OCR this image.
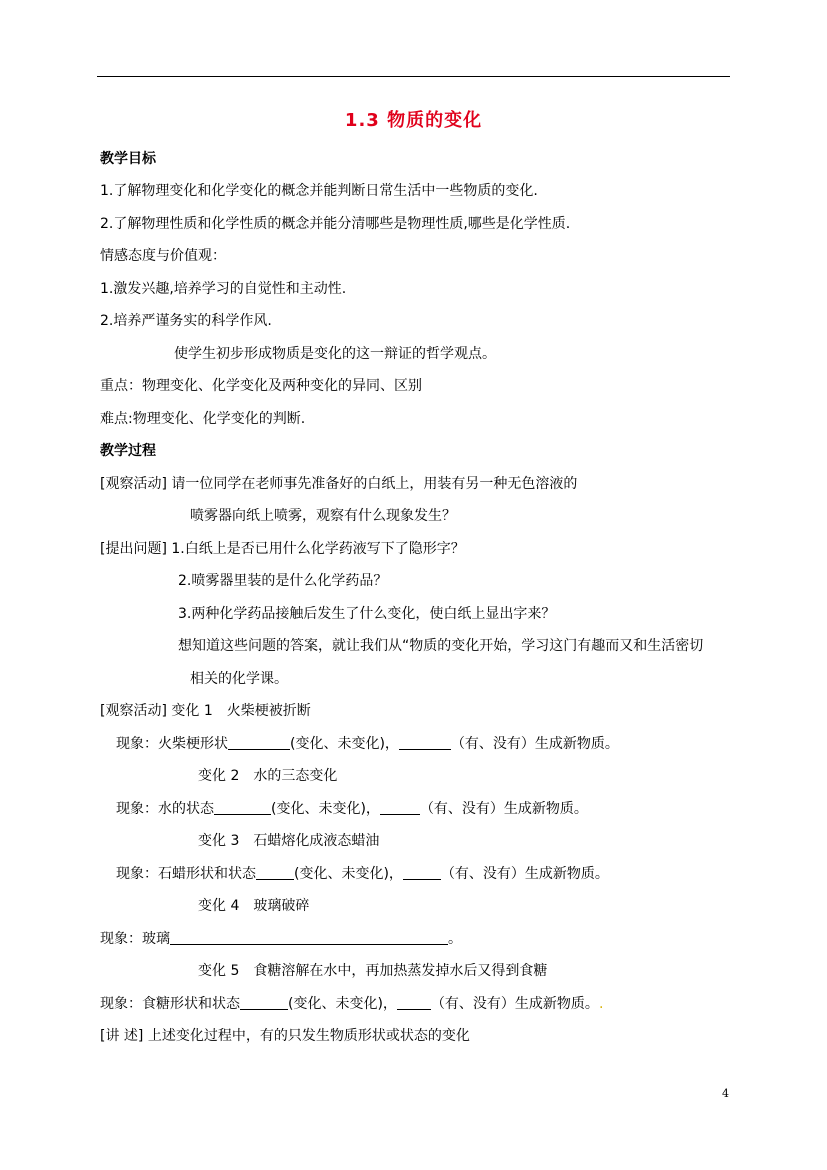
1.3 物质的变化
教学目标
1.了解物理变化和化学变化的概念并能判断日常生活中一些物质的变化.
2.了解物理性质和化学性质的概念并能分清哪些是物理性质,哪些是化学性质.
情感态度与价值观：
1.激发兴趣,培养学习的自觉性和主动性.
2.培养严谨务实的科学作风.
使学生初步形成物质是变化的这一辩证的哲学观点。
重点：物理变化、化学变化及两种变化的异同、区别
难点:物理变化、化学变化的判断.
教学过程
[观察活动] 请一位同学在老师事先准备好的白纸上，用装有另一种无色溶液的
喷雾器向纸上喷雾，观察有什么现象发生？
[提出问题] 1.白纸上是否已用什么化学药液写下了隐形字？
2.喷雾器里装的是什么化学药品？
3.两种化学药品接触后发生了什么变化，使白纸上显出字来？
想知道这些问题的答案，就让我们从“物质的变化开始，学习这门有趣而又和生活密切
相关的化学课。
[观察活动] 变化 1　火柴梗被折断
现象：火柴梗形状	(变化、未变化)，	（有、没有）生成新物质。
变化 2　水的三态变化
现象：水的状态	(变化、未变化)，	（有、没有）生成新物质。
变化 3　石蜡熔化成液态蜡油
现象：石蜡形状和状态	(变化、未变化)，	（有、没有）生成新物质。
变化 4　玻璃破碎
现象：玻璃	。
变化 5　食糖溶解在水中，再加热蒸发掉水后又得到食糖
现象：食糖形状和状态	(变化、未变化)， （有、没有）生成新物质。.
[讲 述] 上述变化过程中，有的只发生物质形状或状态的变化
4
